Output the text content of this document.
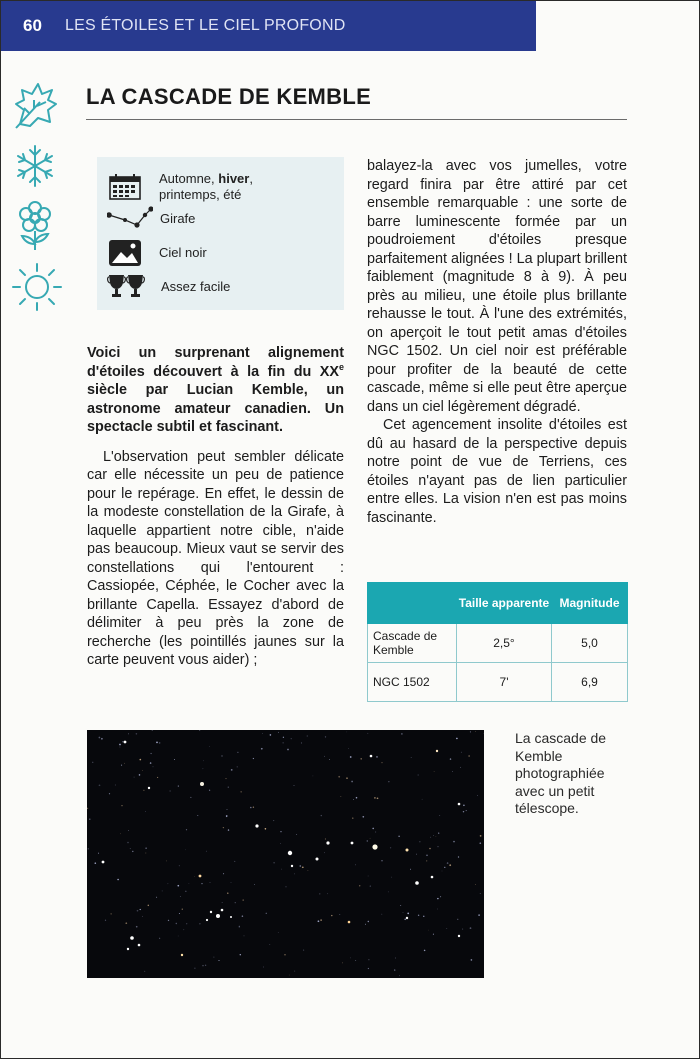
60	LES ÉTOILES ET LE CIEL PROFOND
LA CASCADE DE KEMBLE
Automne, hiver,
printemps, été
Girafe
Ciel noir
Assez facile

Voici un surprenant alignement d'étoiles découvert à la fin du XXe siècle par Lucian Kemble, un astronome amateur canadien. Un spectacle subtil et fascinant.

L'observation peut sembler délicate car elle nécessite un peu de patience pour le repérage. En effet, le dessin de la modeste constellation de la Girafe, à laquelle appartient notre cible, n'aide pas beaucoup. Mieux vaut se servir des constellations qui l'entourent : Cassiopée, Céphée, le Cocher avec la brillante Capella. Essayez d'abord de délimiter à peu près la zone de recherche (les pointillés jaunes sur la carte peuvent vous aider) ;

balayez-la avec vos jumelles, votre regard finira par être attiré par cet ensemble remarquable : une sorte de barre luminescente formée par un poudroiement d'étoiles presque parfaitement alignées ! La plupart brillent faiblement (magnitude 8 à 9). À peu près au milieu, une étoile plus brillante rehausse le tout. À l'une des extrémités, on aperçoit le tout petit amas d'étoiles NGC 1502. Un ciel noir est préférable pour profiter de la beauté de cette cascade, même si elle peut être aperçue dans un ciel légèrement dégradé.

Cet agencement insolite d'étoiles est dû au hasard de la perspective depuis notre point de vue de Terriens, ces étoiles n'ayant pas de lien particulier entre elles. La vision n'en est pas moins fascinante.

	Taille apparente	Magnitude
Cascade de Kemble	2,5°	5,0
NGC 1502	7'	6,9
La cascade de Kemble photographiée avec un petit télescope.
